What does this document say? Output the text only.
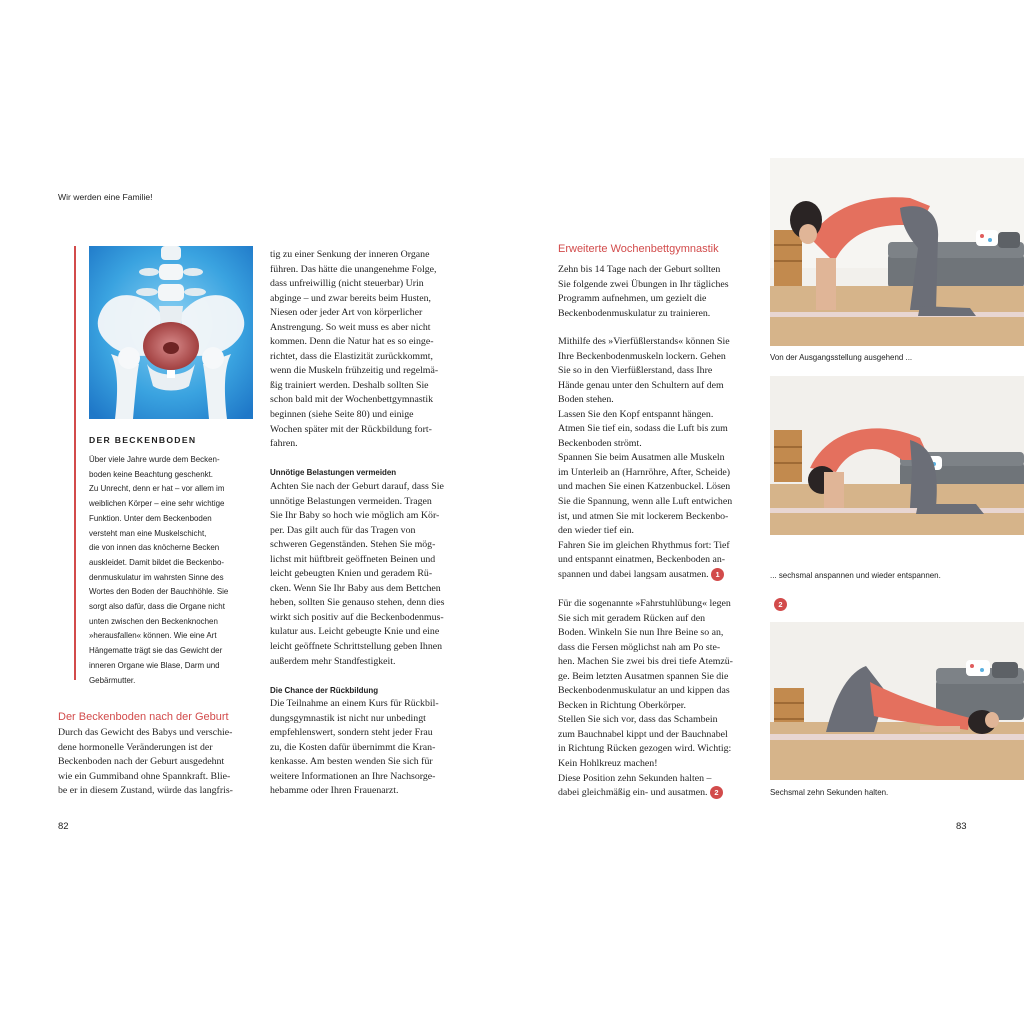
Wir werden eine Familie!
DER BECKENBODEN
Über viele Jahre wurde dem Becken-
boden keine Beachtung geschenkt.
Zu Unrecht, denn er hat – vor allem im
weiblichen Körper – eine sehr wichtige
Funktion. Unter dem Beckenboden
versteht man eine Muskelschicht,
die von innen das knöcherne Becken
auskleidet. Damit bildet die Beckenbo-
denmuskulatur im wahrsten Sinne des
Wortes den Boden der Bauchhöhle. Sie
sorgt also dafür, dass die Organe nicht
unten zwischen den Beckenknochen
»herausfallen« können. Wie eine Art
Hängematte trägt sie das Gewicht der
inneren Organe wie Blase, Darm und
Gebärmutter.
Der Beckenboden nach der Geburt
Durch das Gewicht des Babys und verschie-
dene hormonelle Veränderungen ist der
Beckenboden nach der Geburt ausgedehnt
wie ein Gummiband ohne Spannkraft. Blie-
be er in diesem Zustand, würde das langfris-
tig zu einer Senkung der inneren Organe
führen. Das hätte die unangenehme Folge,
dass unfreiwillig (nicht steuerbar) Urin
abginge – und zwar bereits beim Husten,
Niesen oder jeder Art von körperlicher
Anstrengung. So weit muss es aber nicht
kommen. Denn die Natur hat es so einge-
richtet, dass die Elastizität zurückkommt,
wenn die Muskeln frühzeitig und regelmä-
ßig trainiert werden. Deshalb sollten Sie
schon bald mit der Wochenbettgymnastik
beginnen (siehe Seite 80) und einige
Wochen später mit der Rückbildung fort-
fahren.
Unnötige Belastungen vermeiden
Achten Sie nach der Geburt darauf, dass Sie
unnötige Belastungen vermeiden. Tragen
Sie Ihr Baby so hoch wie möglich am Kör-
per. Das gilt auch für das Tragen von
schweren Gegenständen. Stehen Sie mög-
lichst mit hüftbreit geöffneten Beinen und
leicht gebeugten Knien und geradem Rü-
cken. Wenn Sie Ihr Baby aus dem Bettchen
heben, sollten Sie genauso stehen, denn dies
wirkt sich positiv auf die Beckenbodenmus-
kulatur aus. Leicht gebeugte Knie und eine
leicht geöffnete Schrittstellung geben Ihnen
außerdem mehr Standfestigkeit.
Die Chance der Rückbildung
Die Teilnahme an einem Kurs für Rückbil-
dungsgymnastik ist nicht nur unbedingt
empfehlenswert, sondern steht jeder Frau
zu, die Kosten dafür übernimmt die Kran-
kenkasse. Am besten wenden Sie sich für
weitere Informationen an Ihre Nachsorge-
hebamme oder Ihren Frauenarzt.
82
Erweiterte Wochenbettgymnastik
Zehn bis 14 Tage nach der Geburt sollten
Sie folgende zwei Übungen in Ihr tägliches
Programm aufnehmen, um gezielt die
Beckenbodenmuskulatur zu trainieren.
Mithilfe des »Vierfüßlerstands« können Sie
Ihre Beckenbodenmuskeln lockern. Gehen
Sie so in den Vierfüßlerstand, dass Ihre
Hände genau unter den Schultern auf dem
Boden stehen.
Lassen Sie den Kopf entspannt hängen.
Atmen Sie tief ein, sodass die Luft bis zum
Beckenboden strömt.
Spannen Sie beim Ausatmen alle Muskeln
im Unterleib an (Harnröhre, After, Scheide)
und machen Sie einen Katzenbuckel. Lösen
Sie die Spannung, wenn alle Luft entwichen
ist, und atmen Sie mit lockerem Beckenbo-
den wieder tief ein.
Fahren Sie im gleichen Rhythmus fort: Tief
und entspannt einatmen, Beckenboden an-
spannen und dabei langsam ausatmen. 1
Für die sogenannte »Fahrstuhlübung« legen
Sie sich mit geradem Rücken auf den
Boden. Winkeln Sie nun Ihre Beine so an,
dass die Fersen möglichst nah am Po ste-
hen. Machen Sie zwei bis drei tiefe Atemzü-
ge. Beim letzten Ausatmen spannen Sie die
Beckenbodenmuskulatur an und kippen das
Becken in Richtung Oberkörper.
Stellen Sie sich vor, dass das Schambein
zum Bauchnabel kippt und der Bauchnabel
in Richtung Rücken gezogen wird. Wichtig:
Kein Hohlkreuz machen!
Diese Position zehn Sekunden halten –
dabei gleichmäßig ein- und ausatmen. 2
2
Von der Ausgangsstellung ausgehend ...
... sechsmal anspannen und wieder entspannen.
Sechsmal zehn Sekunden halten.
83
